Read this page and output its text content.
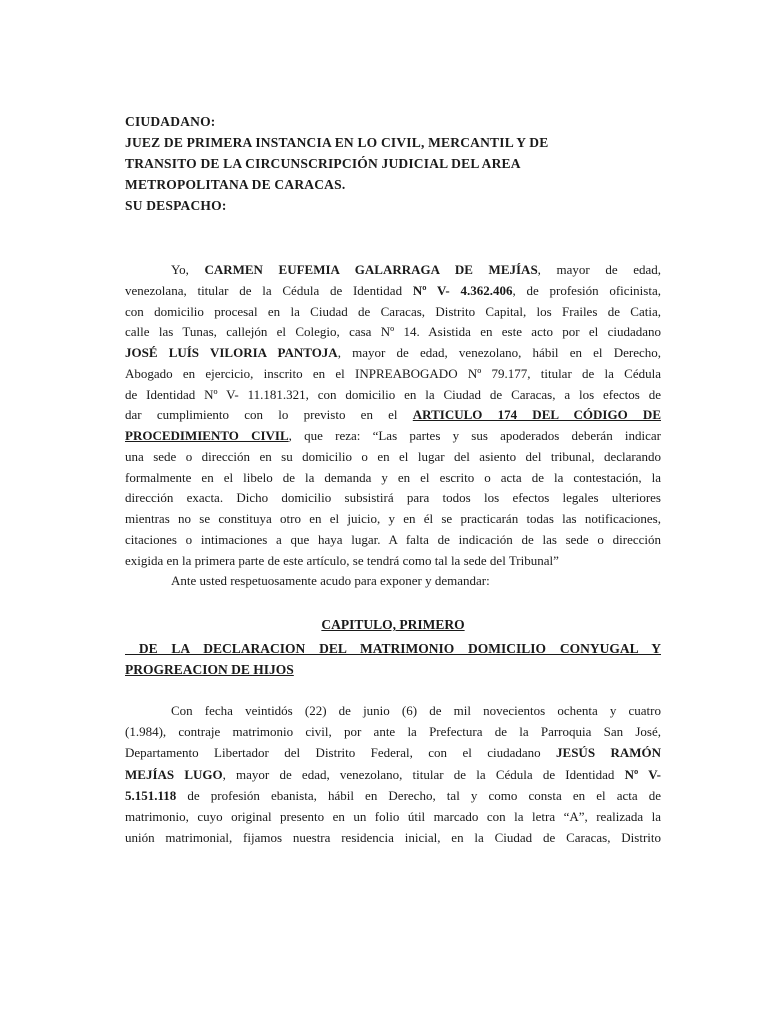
CIUDADANO:
JUEZ DE PRIMERA INSTANCIA EN LO CIVIL, MERCANTIL Y DE
TRANSITO DE LA CIRCUNSCRIPCIÓN JUDICIAL DEL AREA
METROPOLITANA DE CARACAS.
SU DESPACHO:
Yo, CARMEN EUFEMIA GALARRAGA DE MEJÍAS, mayor de edad,
venezolana, titular de la Cédula de Identidad Nº V- 4.362.406, de profesión oficinista,
con domicilio procesal en la Ciudad de Caracas, Distrito Capital, los Frailes de Catia,
calle las Tunas, callejón el Colegio, casa Nº 14. Asistida en este acto por el ciudadano
JOSÉ LUÍS VILORIA PANTOJA, mayor de edad, venezolano, hábil en el Derecho,
Abogado en ejercicio, inscrito en el INPREABOGADO Nº 79.177, titular de la Cédula
de Identidad Nº V- 11.181.321, con domicilio en la Ciudad de Caracas, a los efectos de
dar cumplimiento con lo previsto en el ARTICULO 174 DEL CÓDIGO DE
PROCEDIMIENTO CIVIL, que reza: “Las partes y sus apoderados deberán indicar
una sede o dirección en su domicilio o en el lugar del asiento del tribunal, declarando
formalmente en el libelo de la demanda y en el escrito o acta de la contestación, la
dirección exacta. Dicho domicilio subsistirá para todos los efectos legales ulteriores
mientras no se constituya otro en el juicio, y en él se practicarán todas las notificaciones,
citaciones o intimaciones a que haya lugar. A falta de indicación de las sede o dirección
exigida en la primera parte de este artículo, se tendrá como tal la sede del Tribunal”
Ante usted respetuosamente acudo para exponer y demandar:
CAPITULO, PRIMERO
DE LA DECLARACION DEL MATRIMONIO DOMICILIO CONYUGAL Y
PROGREACION DE HIJOS
Con fecha veintidós (22) de junio (6) de mil novecientos ochenta y cuatro
(1.984), contraje matrimonio civil, por ante la Prefectura de la Parroquia San José,
Departamento Libertador del Distrito Federal, con el ciudadano JESÚS RAMÓN
MEJÍAS LUGO, mayor de edad, venezolano, titular de la Cédula de Identidad Nº V-
5.151.118 de profesión ebanista, hábil en Derecho, tal y como consta en el acta de
matrimonio, cuyo original presento en un folio útil marcado con la letra “A”, realizada la
unión matrimonial, fijamos nuestra residencia inicial, en la Ciudad de Caracas, Distrito
